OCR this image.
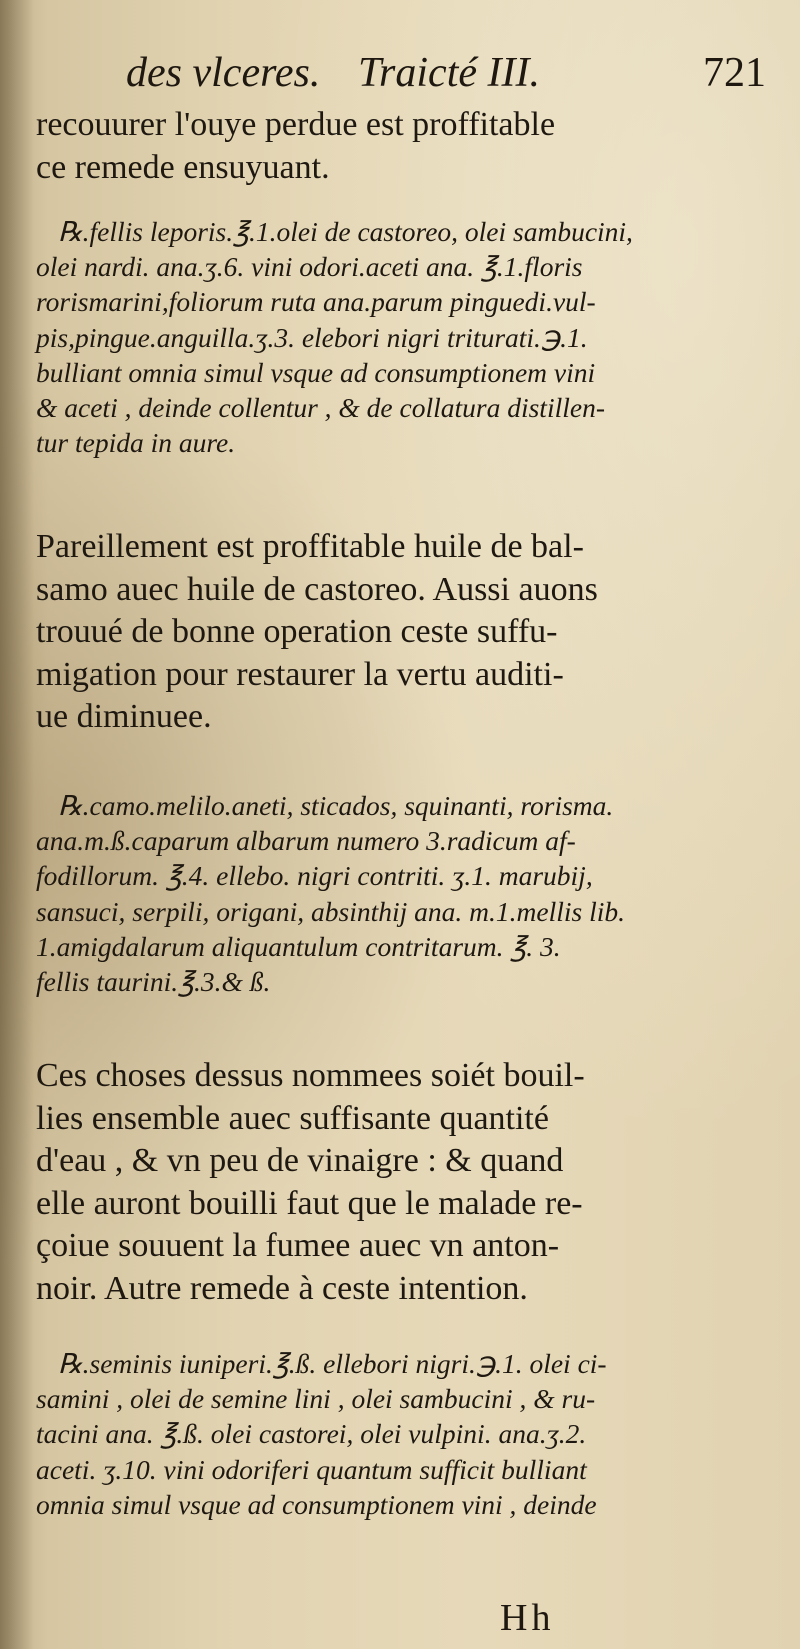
des vlceres. Traicté III.	721
recouurer l'ouye perdue est proffitable
ce remede ensuyuant.
℞.fellis leporis.℥.1.olei de castoreo, olei sambucini,
olei nardi. ana.ʒ.6. vini odori.aceti ana. ℥.1.floris
rorismarini,foliorum ruta ana.parum pinguedi.vul-
pis,pingue.anguilla.ʒ.3. elebori nigri triturati.℈.1.
bulliant omnia simul vsque ad consumptionem vini
& aceti , deinde collentur , & de collatura distillen-
tur tepida in aure.
Pareillement est proffitable huile de bal-
samo auec huile de castoreo. Aussi auons
trouué de bonne operation ceste suffu-
migation pour restaurer la vertu auditi-
ue diminuee.
℞.camo.melilo.aneti, sticados, squinanti, rorisma.
ana.m.ß.caparum albarum numero 3.radicum af-
fodillorum. ℥.4. ellebo. nigri contriti. ʒ.1. marubij,
sansuci, serpili, origani, absinthij ana. m.1.mellis lib.
1.amigdalarum aliquantulum contritarum. ℥. 3.
fellis taurini.℥.3.& ß.
Ces choses dessus nommees soiét bouil-
lies ensemble auec suffisante quantité
d'eau , & vn peu de vinaigre : & quand
elle auront bouilli faut que le malade re-
çoiue souuent la fumee auec vn anton-
noir. Autre remede à ceste intention.
℞.seminis iuniperi.℥.ß. ellebori nigri.℈.1. olei ci-
samini , olei de semine lini , olei sambucini , & ru-
tacini ana. ℥.ß. olei castorei, olei vulpini. ana.ʒ.2.
aceti. ʒ.10. vini odoriferi quantum sufficit bulliant
omnia simul vsque ad consumptionem vini , deinde
Hh
